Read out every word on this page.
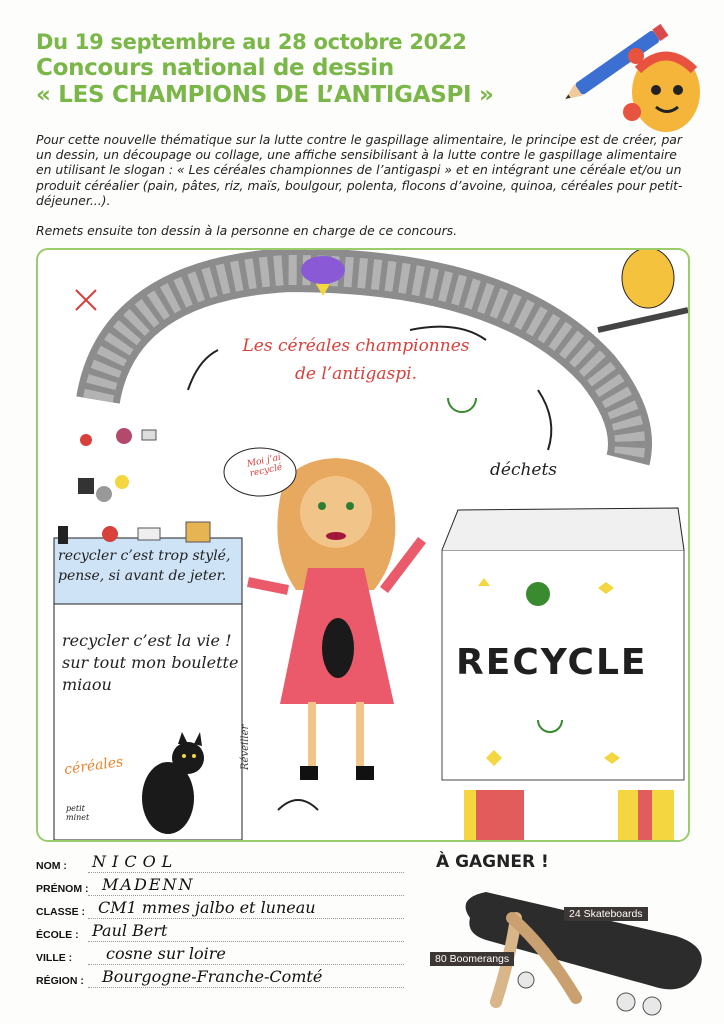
Du 19 septembre au 28 octobre 2022
Concours national de dessin
« LES CHAMPIONS DE L’ANTIGASPI »
Pour cette nouvelle thématique sur la lutte contre le gaspillage alimentaire, le principe est de créer, par un dessin, un découpage ou collage, une affiche sensibilisant à la lutte contre le gaspillage alimentaire en utilisant le slogan : « Les céréales championnes de l’antigaspi » et en intégrant une céréale et/ou un produit céréalier (pain, pâtes, riz, maïs, boulgour, polenta, flocons d’avoine, quinoa, céréales pour petit-déjeuner...).
Remets ensuite ton dessin à la personne en charge de ce concours.
Les céréales championnes
de l’antigaspi.
Moi j’ai recyclé	déchets
RECYCLE
recycler c’est trop stylé, pense, si avant de jeter.
recycler c’est la vie ! sur tout mon boulette miaou
céréales
petit minet
Réveiller
NOM : NICOL
PRÉNOM : MADENN
CLASSE : CM1 mmes jalbo et luneau
ÉCOLE : Paul Bert
VILLE : cosne sur loire
RÉGION : Bourgogne-Franche-Comté
À GAGNER !
24 Skateboards
80 Boomerangs
